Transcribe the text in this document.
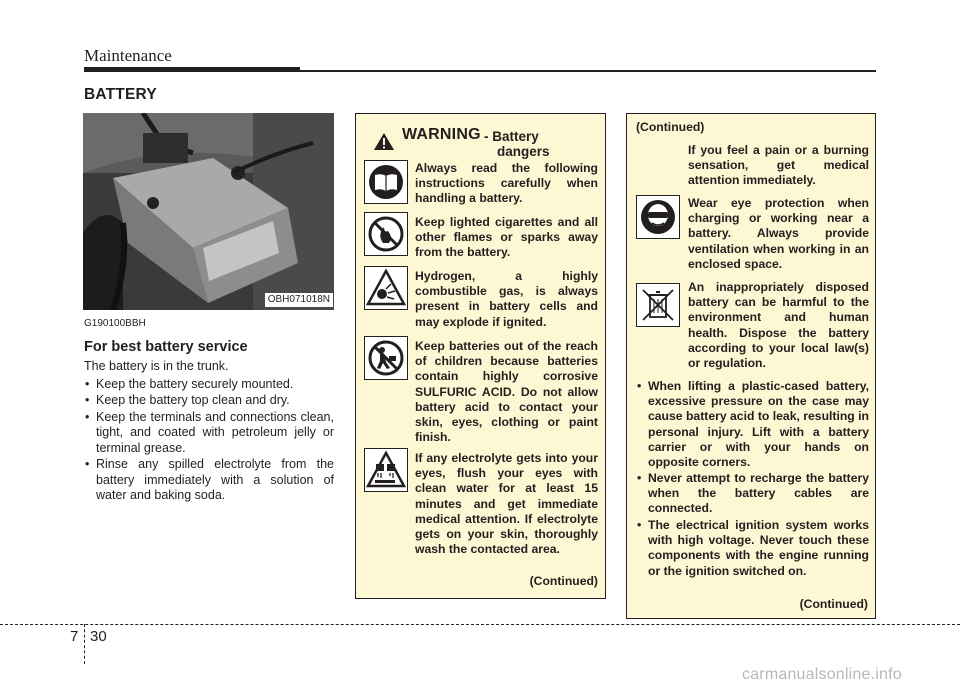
Maintenance
BATTERY
OBH071018N
G190100BBH
For best battery service
The battery is in the trunk.
• Keep the battery securely mounted.
• Keep the battery top clean and dry.
• Keep the terminals and connections clean, tight, and coated with petroleum jelly or terminal grease.
• Rinse any spilled electrolyte from the battery immediately with a solution of water and baking soda.
WARNING - Battery
dangers
Always read the following instructions carefully when handling a battery.
Keep lighted cigarettes and all other flames or sparks away from the battery.
Hydrogen, a highly combustible gas, is always present in battery cells and may explode if ignited.
Keep batteries out of the reach of children because batteries contain highly corrosive SULFURIC ACID. Do not allow battery acid to contact your skin, eyes, clothing or paint finish.
If any electrolyte gets into your eyes, flush your eyes with clean water for at least 15 minutes and get immediate medical attention. If electrolyte gets on your skin, thoroughly wash the contacted area.
(Continued)
(Continued)
If you feel a pain or a burning sensation, get medical attention immediately.
Wear eye protection when charging or working near a battery. Always provide ventilation when working in an enclosed space.
An inappropriately disposed battery can be harmful to the environment and human health. Dispose the battery according to your local law(s) or regulation.
• When lifting a plastic-cased battery, excessive pressure on the case may cause battery acid to leak, resulting in personal injury. Lift with a battery carrier or with your hands on opposite corners.
• Never attempt to recharge the battery when the battery cables are connected.
• The electrical ignition system works with high voltage. Never touch these components with the engine running or the ignition switched on.
(Continued)
7 30
carmanualsonline.info
